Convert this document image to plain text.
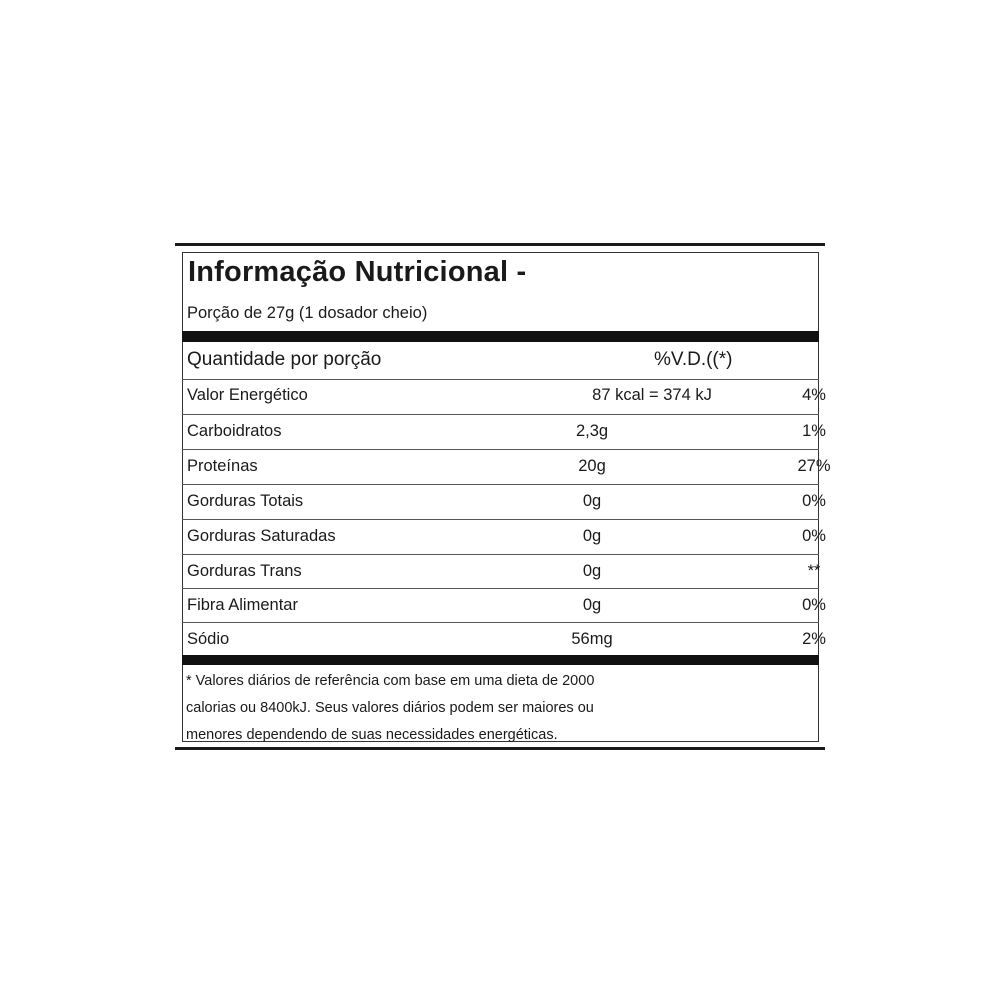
Informação Nutricional -
Porção de 27g (1 dosador cheio)
Quantidade por porção	%V.D.((*)
Valor Energético	87 kcal = 374 kJ	4%
Carboidratos	2,3g	1%
Proteínas	20g	27%
Gorduras Totais	0g	0%
Gorduras Saturadas	0g	0%
Gorduras Trans	0g	**
Fibra Alimentar	0g	0%
Sódio	56mg	2%
* Valores diários de referência com base em uma dieta de 2000
calorias ou 8400kJ. Seus valores diários podem ser maiores ou
menores dependendo de suas necessidades energéticas.
